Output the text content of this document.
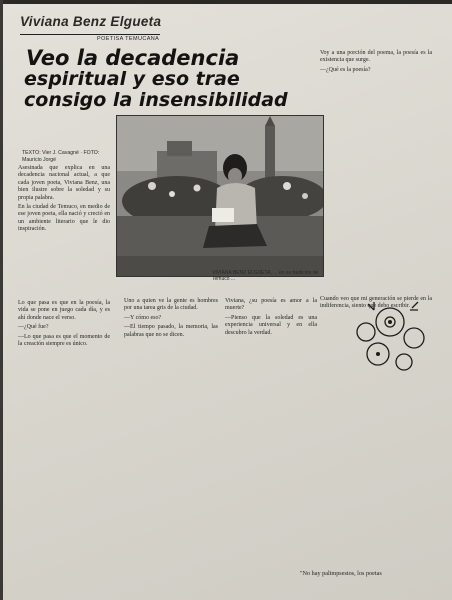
Viviana Benz Elgueta
POETISA TEMUCANA
Veo la decadencia
espiritual y eso trae
consigo la insensibilidad
VIVIANA BENZ ELGUETA, ... en su tradición de Temuco ...
TEXTO: Vier J. Cavagné · FOTO: Mauricio Jorgé

Asesinada que explica en una decadencia nacional actual, a que cada joven poeta, Viviana Benz, una bien ilustre sobre la soledad y su propia palabra.

En la ciudad de Temuco, en medio de ese joven poeta, ella nació y creció en un ambiente literario que le dio inspiración.

Lo que pasa es que en la poesía, la vida se pone en juego cada día, y es ahí donde nace el verso.

—¿Qué fue?

—Lo que pasa es que el momento de la creación siempre es único.

Uno a quien ve la gente es hombres por una tarea gris de la ciudad.

—Y cómo eso?

—El tiempo pasado, la memoria, las palabras que no se dicen.

Viviana, ¿su poesía es amor a la muerte?

—Pienso que la soledad es una experiencia universal y en ella descubro la verdad.

Voy a una porción del poema, la poesía es la existencia que surge.

—¿Qué es la poesía?

Cuando veo que mi generación se pierde en la indiferencia, siento que debo escribir.

"No hay palimpsestos, los poetas
